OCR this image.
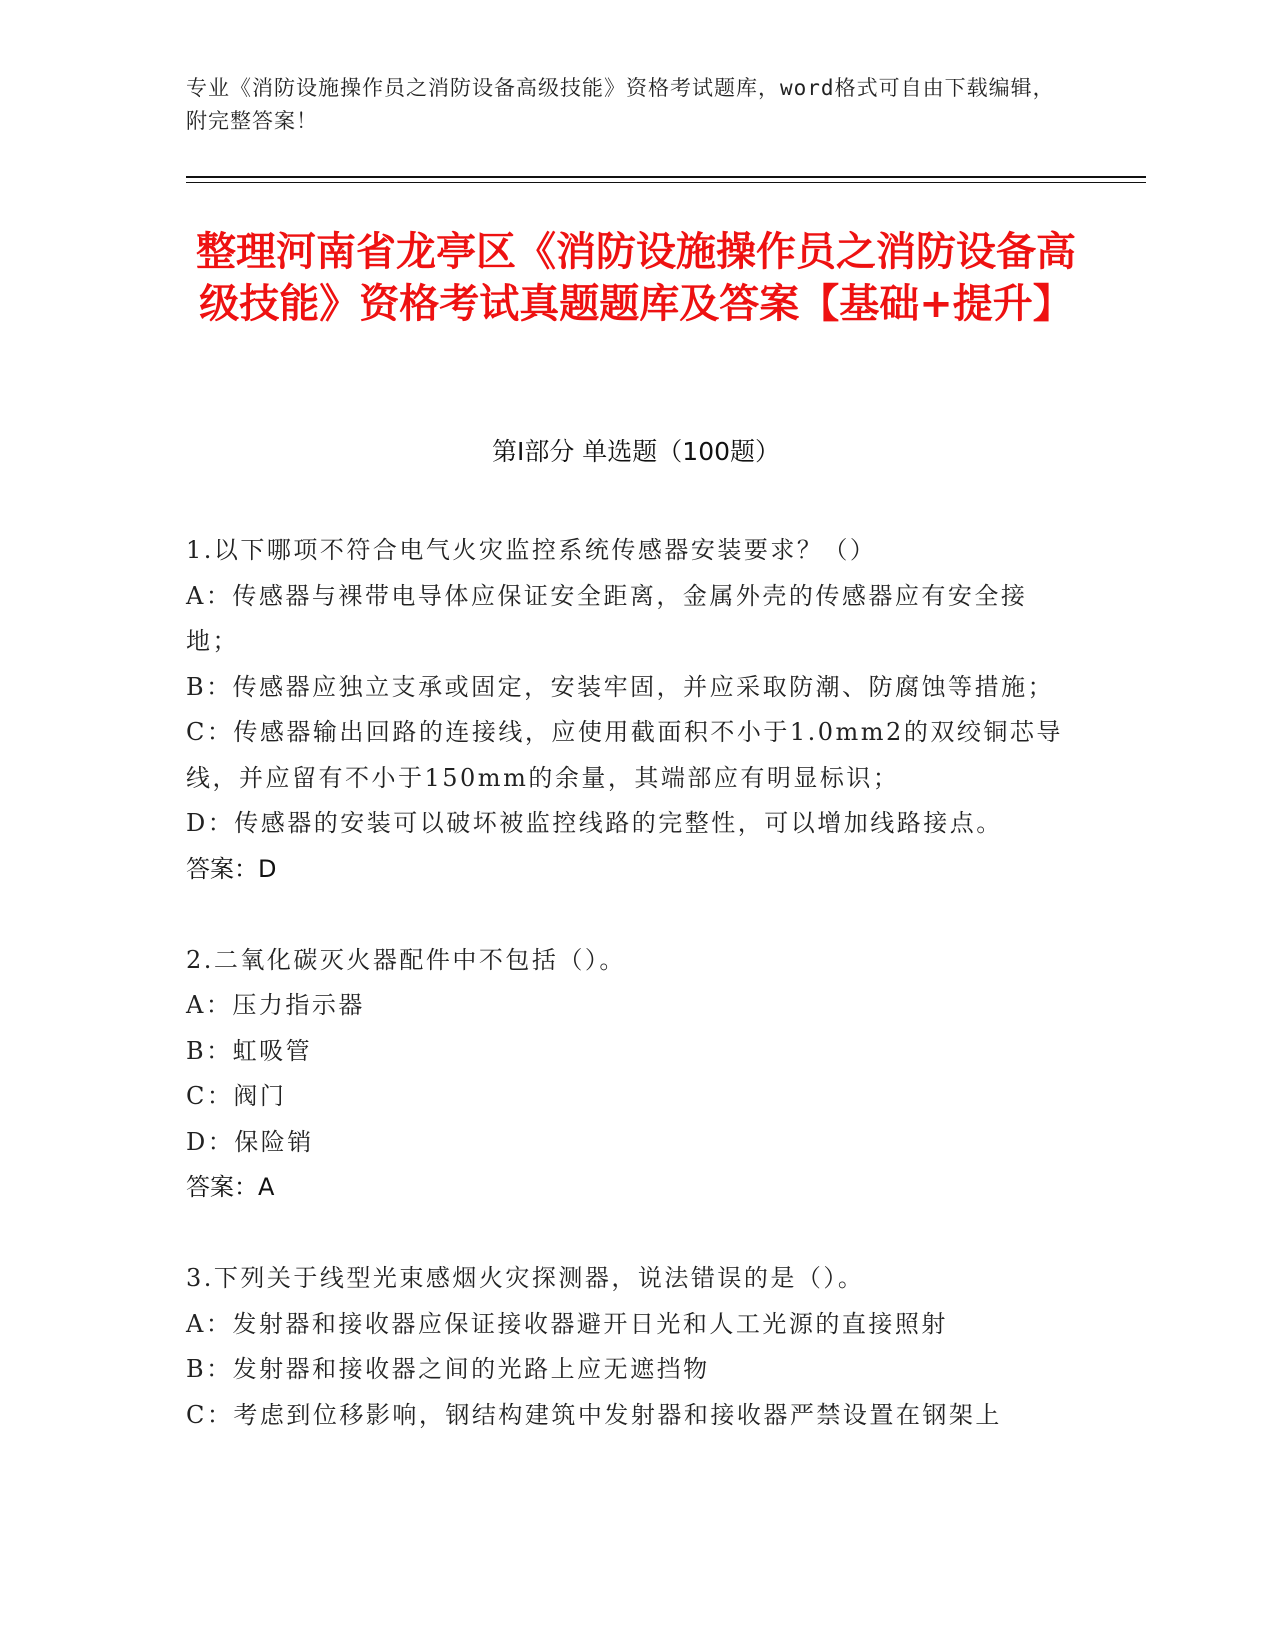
专业《消防设施操作员之消防设备高级技能》资格考试题库，word格式可自由下载编辑，附完整答案！
整理河南省龙亭区《消防设施操作员之消防设备高级技能》资格考试真题题库及答案【基础+提升】
第I部分 单选题（100题）

1.以下哪项不符合电气火灾监控系统传感器安装要求？（）

A：传感器与裸带电导体应保证安全距离，金属外壳的传感器应有安全接地；

B：传感器应独立支承或固定，安装牢固，并应采取防潮、防腐蚀等措施；

C：传感器输出回路的连接线，应使用截面积不小于1.0mm2的双绞铜芯导线，并应留有不小于150mm的余量，其端部应有明显标识；

D：传感器的安装可以破坏被监控线路的完整性，可以增加线路接点。

答案：D

2.二氧化碳灭火器配件中不包括（）。

A：压力指示器

B：虹吸管

C：阀门

D：保险销

答案：A

3.下列关于线型光束感烟火灾探测器，说法错误的是（）。

A：发射器和接收器应保证接收器避开日光和人工光源的直接照射

B：发射器和接收器之间的光路上应无遮挡物

C：考虑到位移影响，钢结构建筑中发射器和接收器严禁设置在钢架上
